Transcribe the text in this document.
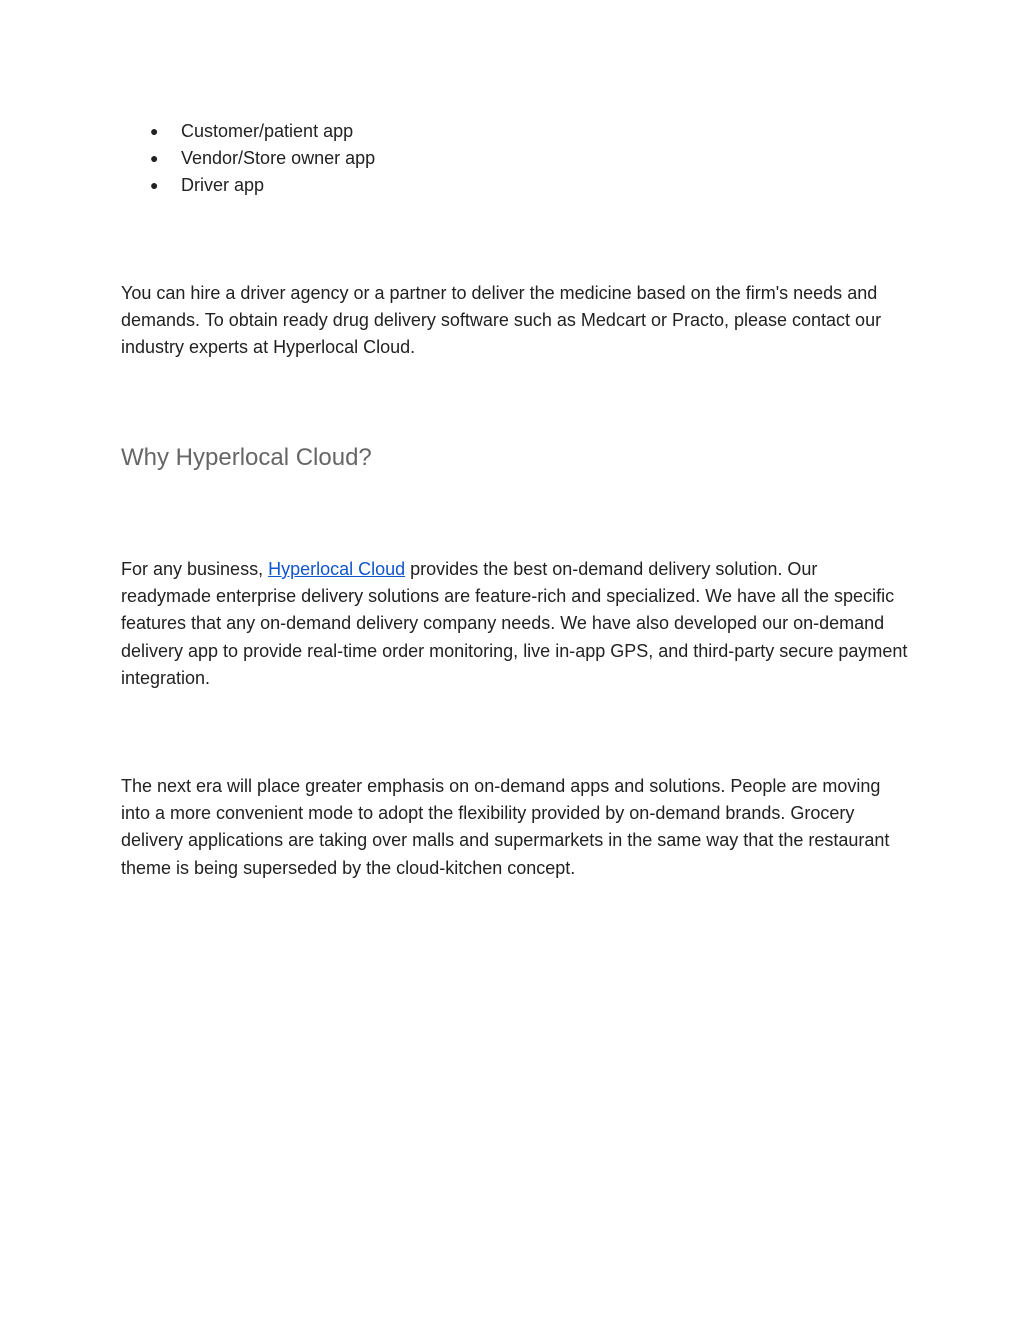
● Customer/patient app
● Vendor/Store owner app
● Driver app

You can hire a driver agency or a partner to deliver the medicine based on the firm's needs and demands. To obtain ready drug delivery software such as Medcart or Practo, please contact our industry experts at Hyperlocal Cloud.

Why Hyperlocal Cloud?

For any business, Hyperlocal Cloud provides the best on-demand delivery solution. Our readymade enterprise delivery solutions are feature-rich and specialized. We have all the specific features that any on-demand delivery company needs. We have also developed our on-demand delivery app to provide real-time order monitoring, live in-app GPS, and third-party secure payment integration.

The next era will place greater emphasis on on-demand apps and solutions. People are moving into a more convenient mode to adopt the flexibility provided by on-demand brands. Grocery delivery applications are taking over malls and supermarkets in the same way that the restaurant theme is being superseded by the cloud-kitchen concept.
